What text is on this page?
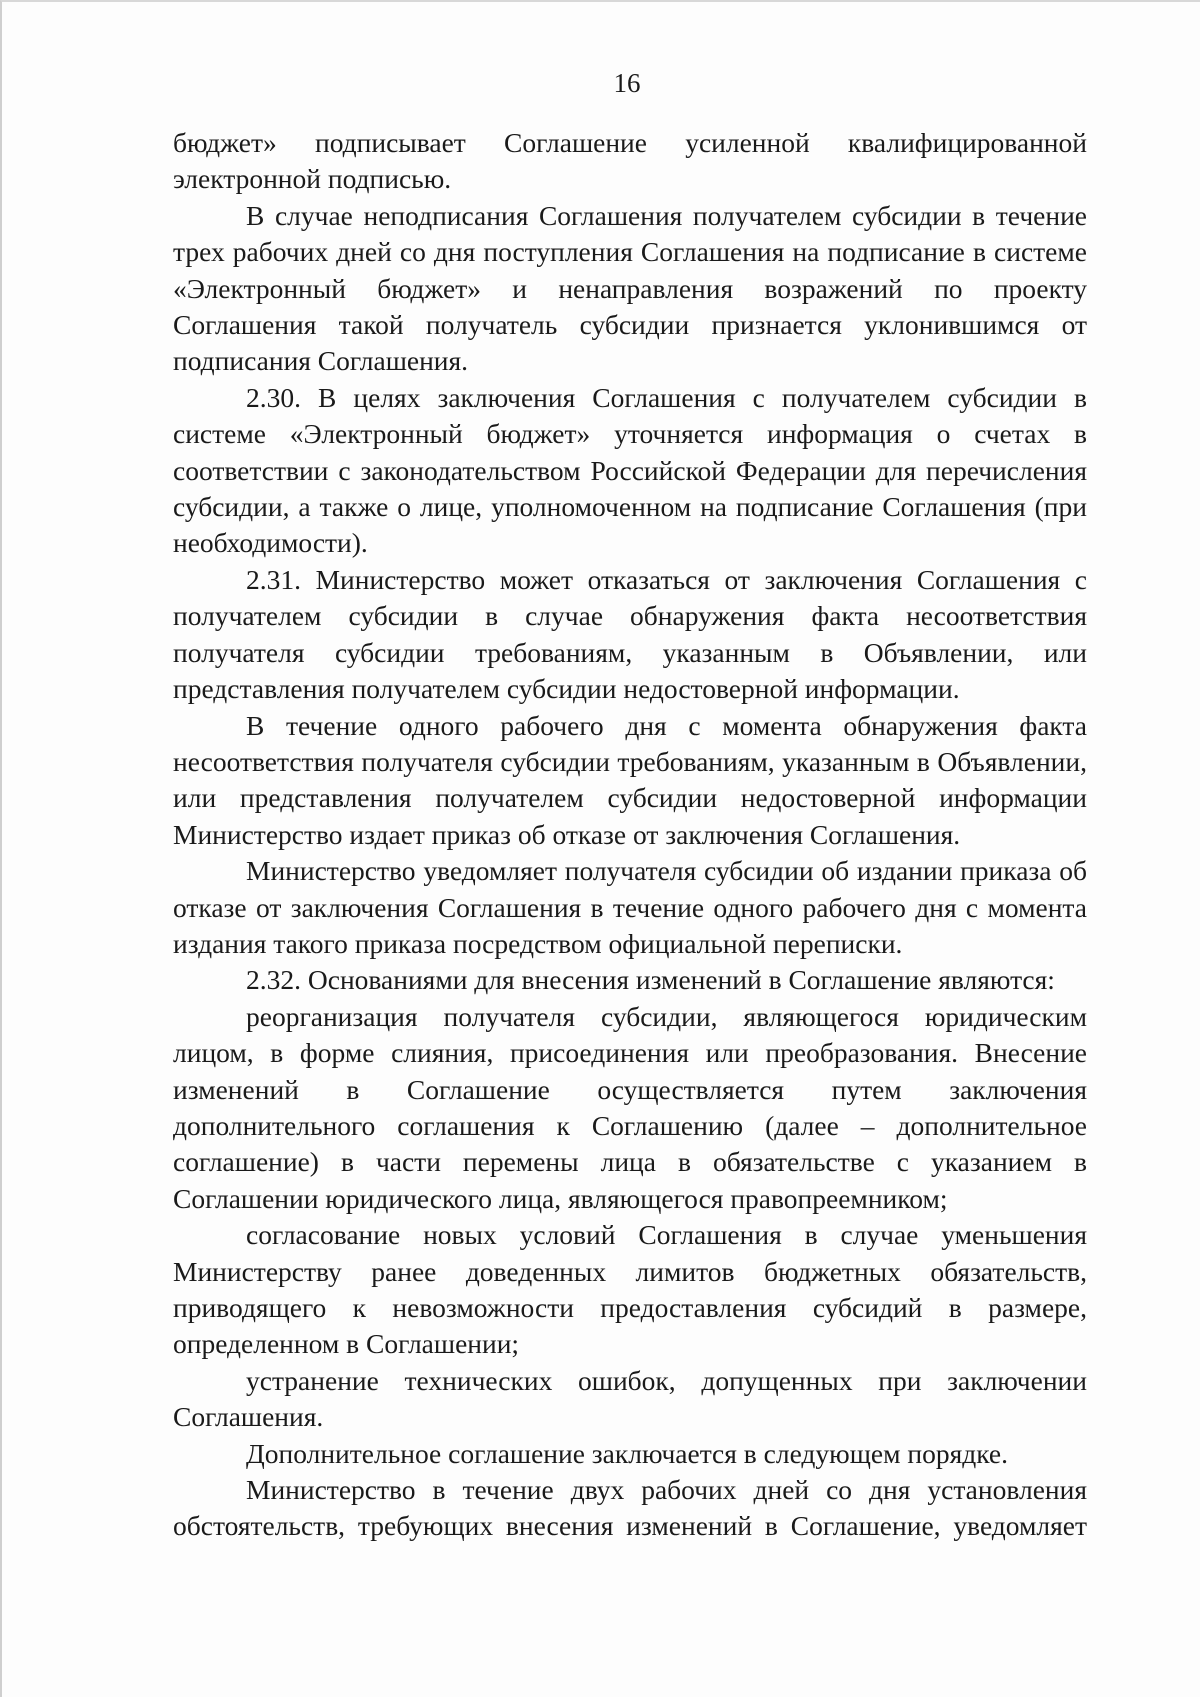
16

бюджет» подписывает Соглашение усиленной квалифицированной электронной подписью.

В случае неподписания Соглашения получателем субсидии в течение трех рабочих дней со дня поступления Соглашения на подписание в системе «Электронный бюджет» и ненаправления возражений по проекту Соглашения такой получатель субсидии признается уклонившимся от подписания Соглашения.

2.30. В целях заключения Соглашения с получателем субсидии в системе «Электронный бюджет» уточняется информация о счетах в соответствии с законодательством Российской Федерации для перечисления субсидии, а также о лице, уполномоченном на подписание Соглашения (при необходимости).

2.31. Министерство может отказаться от заключения Соглашения с получателем субсидии в случае обнаружения факта несоответствия получателя субсидии требованиям, указанным в Объявлении, или представления получателем субсидии недостоверной информации.

В течение одного рабочего дня с момента обнаружения факта несоответствия получателя субсидии требованиям, указанным в Объявлении, или представления получателем субсидии недостоверной информации Министерство издает приказ об отказе от заключения Соглашения.

Министерство уведомляет получателя субсидии об издании приказа об отказе от заключения Соглашения в течение одного рабочего дня с момента издания такого приказа посредством официальной переписки.

2.32. Основаниями для внесения изменений в Соглашение являются:

реорганизация получателя субсидии, являющегося юридическим лицом, в форме слияния, присоединения или преобразования. Внесение изменений в Соглашение осуществляется путем заключения дополнительного соглашения к Соглашению (далее – дополнительное соглашение) в части перемены лица в обязательстве с указанием в Соглашении юридического лица, являющегося правопреемником;

согласование новых условий Соглашения в случае уменьшения Министерству ранее доведенных лимитов бюджетных обязательств, приводящего к невозможности предоставления субсидий в размере, определенном в Соглашении;

устранение технических ошибок, допущенных при заключении Соглашения.

Дополнительное соглашение заключается в следующем порядке.

Министерство в течение двух рабочих дней со дня установления обстоятельств, требующих внесения изменений в Соглашение, уведомляет
